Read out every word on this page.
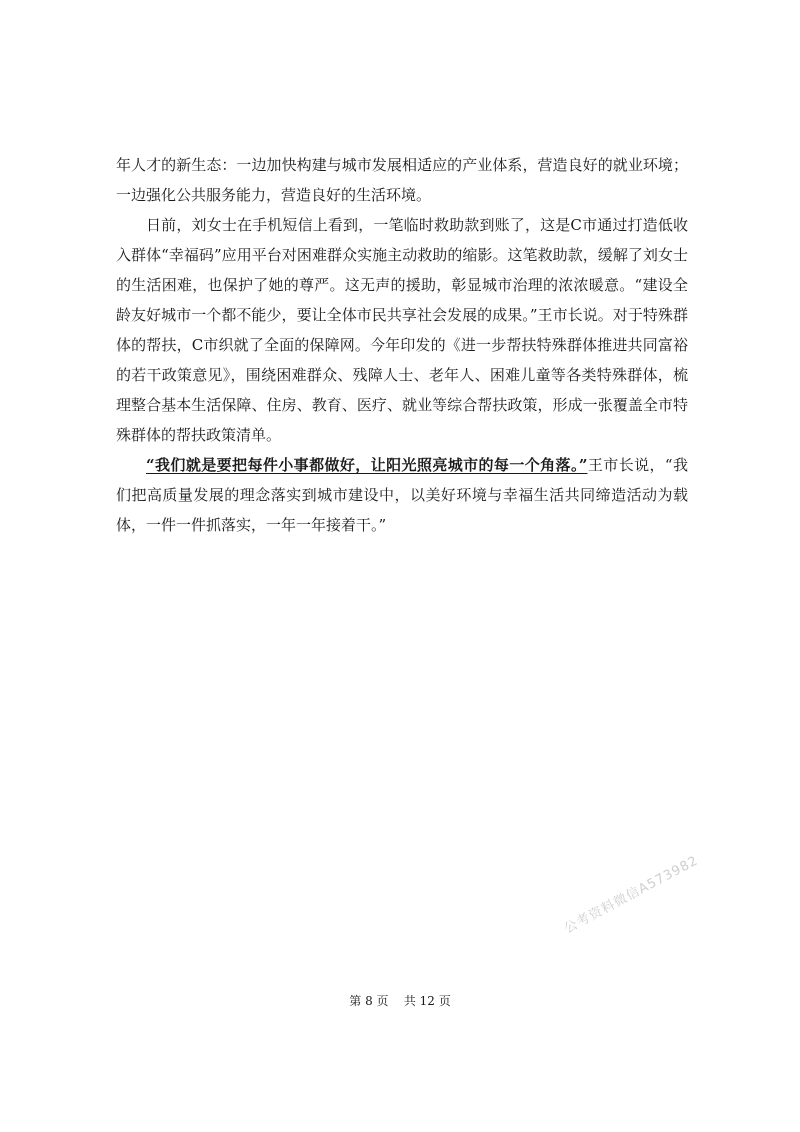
年人才的新生态：一边加快构建与城市发展相适应的产业体系，营造良好的就业环境；一边强化公共服务能力，营造良好的生活环境。

日前，刘女士在手机短信上看到，一笔临时救助款到账了，这是C市通过打造低收入群体“幸福码”应用平台对困难群众实施主动救助的缩影。这笔救助款，缓解了刘女士的生活困难，也保护了她的尊严。这无声的援助，彰显城市治理的浓浓暖意。“建设全龄友好城市一个都不能少，要让全体市民共享社会发展的成果。”王市长说。对于特殊群体的帮扶，C市织就了全面的保障网。今年印发的《进一步帮扶特殊群体推进共同富裕的若干政策意见》，围绕困难群众、残障人士、老年人、困难儿童等各类特殊群体，梳理整合基本生活保障、住房、教育、医疗、就业等综合帮扶政策，形成一张覆盖全市特殊群体的帮扶政策清单。

“我们就是要把每件小事都做好，让阳光照亮城市的每一个角落。”王市长说，“我们把高质量发展的理念落实到城市建设中，以美好环境与幸福生活共同缔造活动为载体，一件一件抓落实，一年一年接着干。”

公考资料微信A573982
第 8 页 共 12 页
